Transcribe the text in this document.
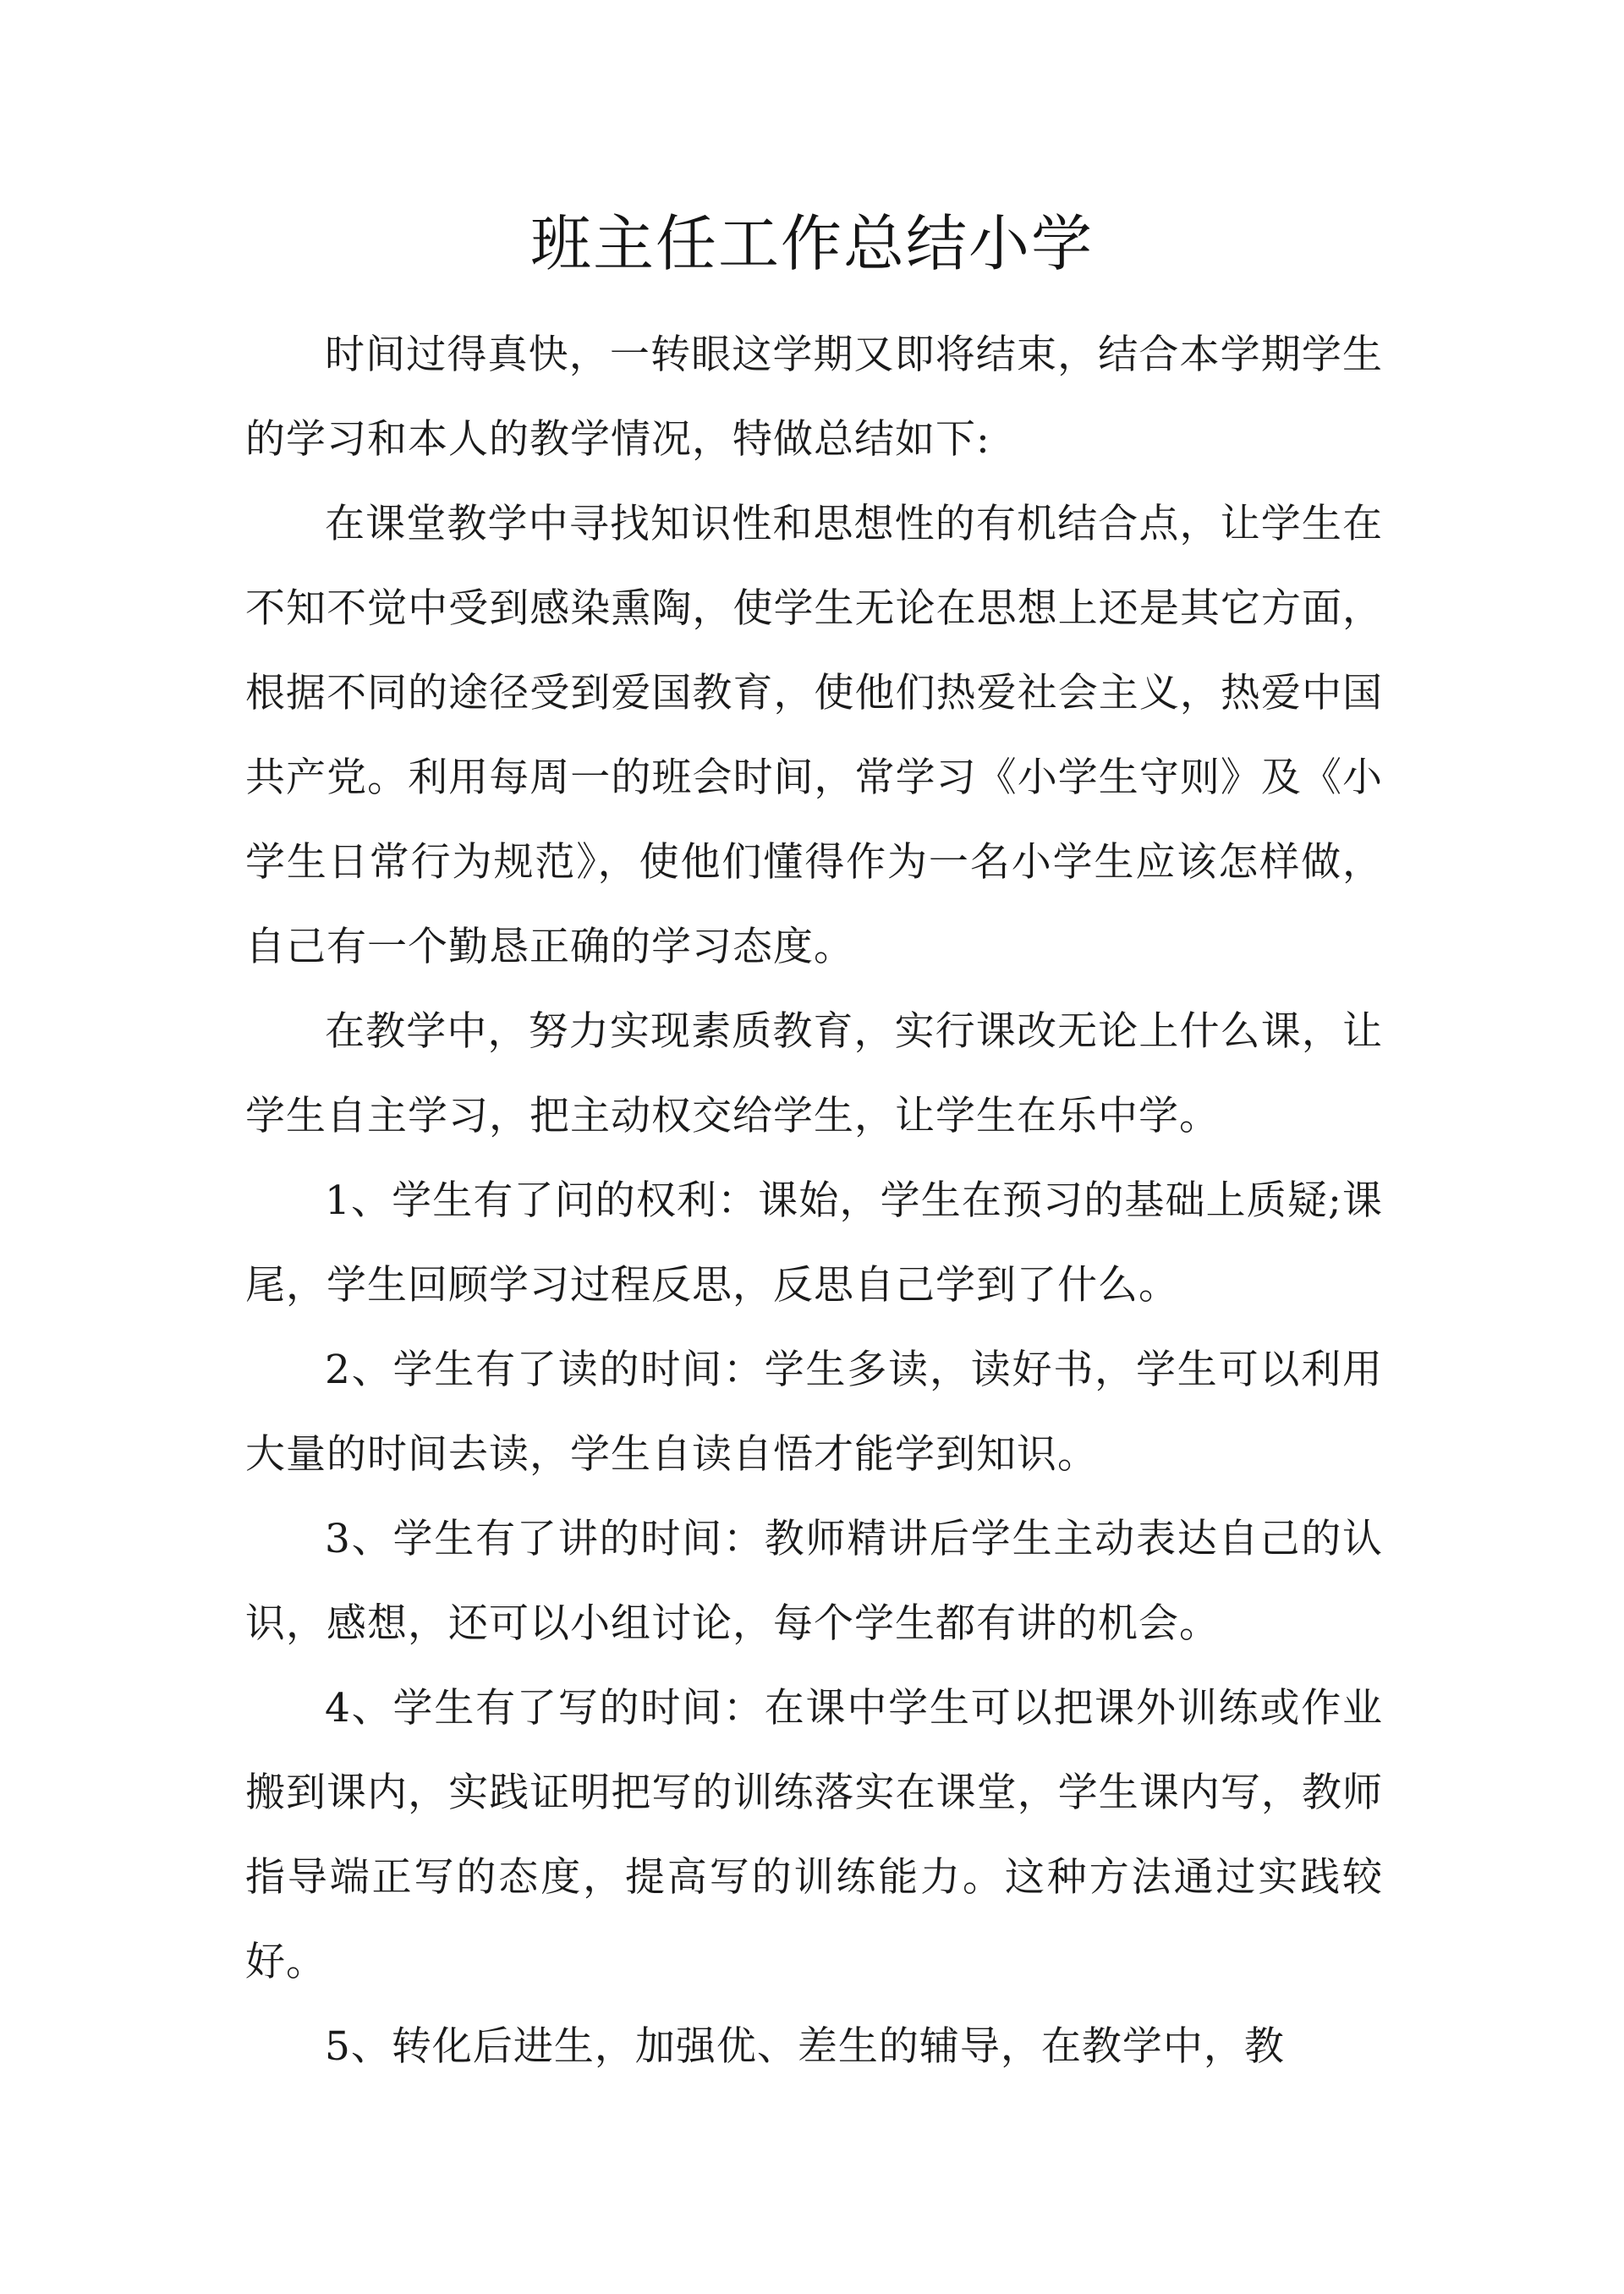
班主任工作总结小学

时间过得真快，一转眼这学期又即将结束，结合本学期学生的学习和本人的教学情况，特做总结如下:

在课堂教学中寻找知识性和思想性的有机结合点，让学生在不知不觉中受到感染熏陶，使学生无论在思想上还是其它方面，根据不同的途径受到爱国教育，使他们热爱社会主义，热爱中国共产党。利用每周一的班会时间，常学习《小学生守则》及《小学生日常行为规范》，使他们懂得作为一名小学生应该怎样做，自己有一个勤恳正确的学习态度。

在教学中，努力实现素质教育，实行课改无论上什么课，让学生自主学习，把主动权交给学生，让学生在乐中学。

1、学生有了问的权利：课始，学生在预习的基础上质疑;课尾，学生回顾学习过程反思，反思自己学到了什么。

2、学生有了读的时间：学生多读，读好书，学生可以利用大量的时间去读，学生自读自悟才能学到知识。

3、学生有了讲的时间：教师精讲后学生主动表达自己的认识，感想，还可以小组讨论，每个学生都有讲的机会。

4、学生有了写的时间：在课中学生可以把课外训练或作业搬到课内，实践证明把写的训练落实在课堂，学生课内写，教师指导端正写的态度，提高写的训练能力。这种方法通过实践较好。

5、转化后进生，加强优、差生的辅导，在教学中，教
